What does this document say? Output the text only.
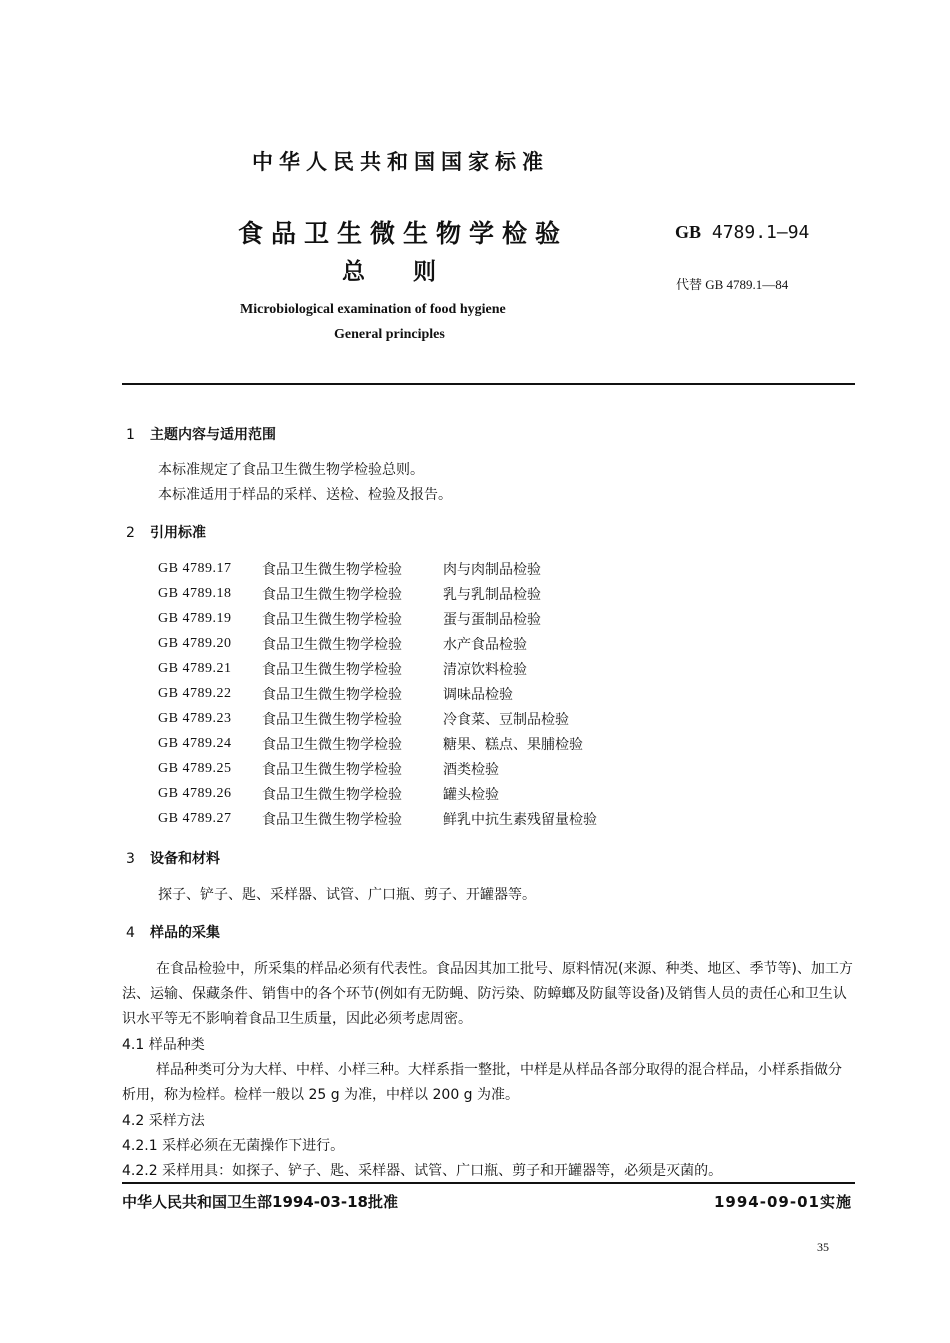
中华人民共和国国家标准
食品卫生微生物学检验
总则
GB 4789.1—94
代替 GB 4789.1—84
Microbiological examination of food hygiene
General principles
1 主题内容与适用范围
本标准规定了食品卫生微生物学检验总则。
本标准适用于样品的采样、送检、检验及报告。
2 引用标准
GB 4789.17	食品卫生微生物学检验	肉与肉制品检验
GB 4789.18	食品卫生微生物学检验	乳与乳制品检验
GB 4789.19	食品卫生微生物学检验	蛋与蛋制品检验
GB 4789.20	食品卫生微生物学检验	水产食品检验
GB 4789.21	食品卫生微生物学检验	清凉饮料检验
GB 4789.22	食品卫生微生物学检验	调味品检验
GB 4789.23	食品卫生微生物学检验	冷食菜、豆制品检验
GB 4789.24	食品卫生微生物学检验	糖果、糕点、果脯检验
GB 4789.25	食品卫生微生物学检验	酒类检验
GB 4789.26	食品卫生微生物学检验	罐头检验
GB 4789.27	食品卫生微生物学检验	鲜乳中抗生素残留量检验
3 设备和材料
探子、铲子、匙、采样器、试管、广口瓶、剪子、开罐器等。
4 样品的采集
在食品检验中，所采集的样品必须有代表性。食品因其加工批号、原料情况(来源、种类、地区、季节等)、加工方法、运输、保藏条件、销售中的各个环节(例如有无防蝇、防污染、防蟑螂及防鼠等设备)及销售人员的责任心和卫生认识水平等无不影响着食品卫生质量，因此必须考虑周密。
4.1 样品种类
样品种类可分为大样、中样、小样三种。大样系指一整批，中样是从样品各部分取得的混合样品，小样系指做分析用，称为检样。检样一般以 25 g 为准，中样以 200 g 为准。
4.2 采样方法
4.2.1 采样必须在无菌操作下进行。
4.2.2 采样用具：如探子、铲子、匙、采样器、试管、广口瓶、剪子和开罐器等，必须是灭菌的。
中华人民共和国卫生部1994-03-18批准	1994-09-01实施
35
